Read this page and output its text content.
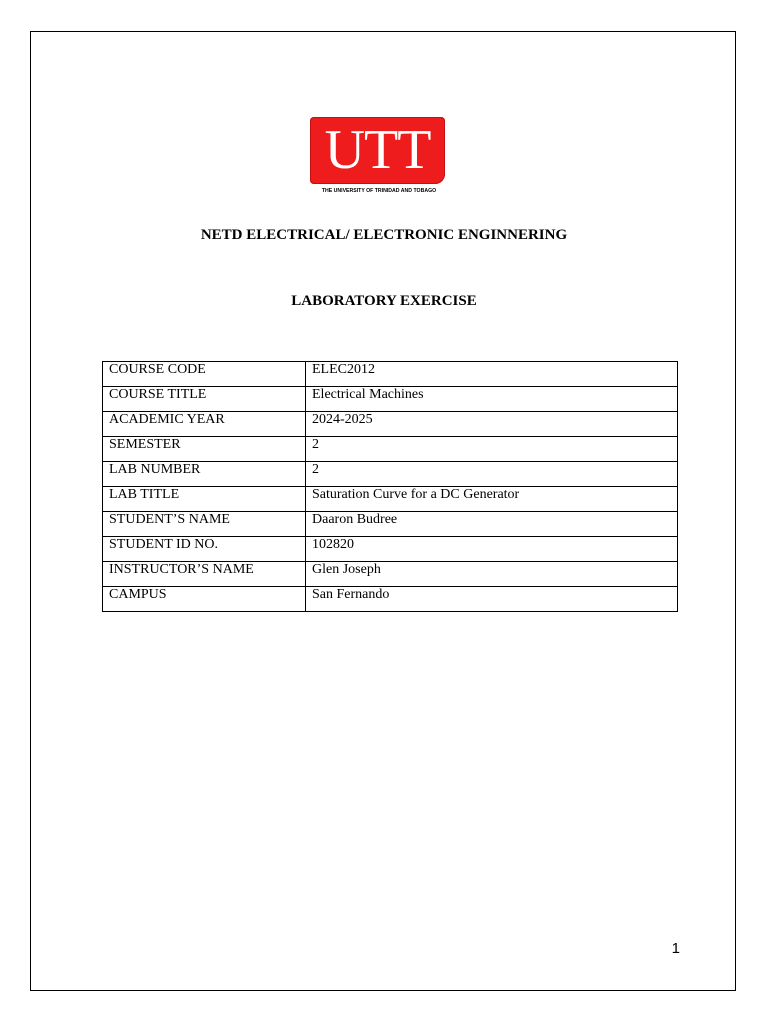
UTT
THE UNIVERSITY OF TRINIDAD AND TOBAGO
NETD ELECTRICAL/ ELECTRONIC ENGINNERING
LABORATORY EXERCISE
COURSE CODE	ELEC2012
COURSE TITLE	Electrical Machines
ACADEMIC YEAR	2024-2025
SEMESTER	2
LAB NUMBER	2
LAB TITLE	Saturation Curve for a DC Generator
STUDENT’S NAME	Daaron Budree
STUDENT ID NO.	102820
INSTRUCTOR’S NAME	Glen Joseph
CAMPUS	San Fernando
1
